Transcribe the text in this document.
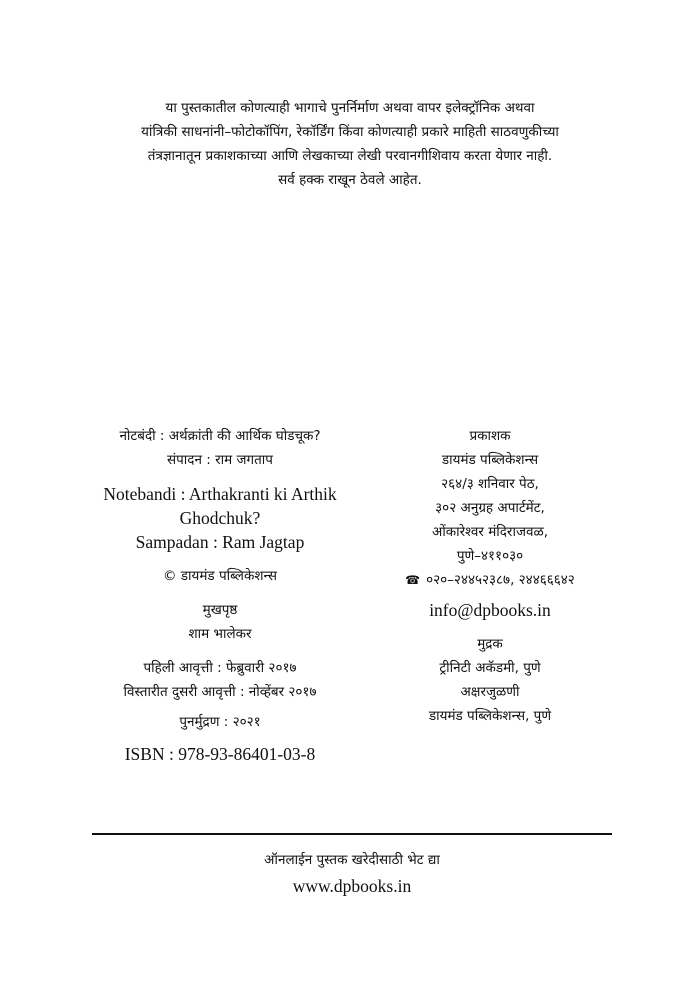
या पुस्तकातील कोणत्याही भागाचे पुनर्निर्माण अथवा वापर इलेक्ट्रॉनिक अथवा
यांत्रिकी साधनांनी–फोटोकॉपिंग, रेकॉर्डिंग किंवा कोणत्याही प्रकारे माहिती साठवणुकीच्या
तंत्रज्ञानातून प्रकाशकाच्या आणि लेखकाच्या लेखी परवानगीशिवाय करता येणार नाही.
सर्व हक्क राखून ठेवले आहेत.
नोटबंदी : अर्थक्रांती की आर्थिक घोडचूक?
संपादन : राम जगताप
Notebandi : Arthakranti ki Arthik
Ghodchuk?
Sampadan : Ram Jagtap
© डायमंड पब्लिकेशन्स
मुखपृष्ठ
शाम भालेकर
पहिली आवृत्ती : फेब्रुवारी २०१७
विस्तारीत दुसरी आवृत्ती : नोव्हेंबर २०१७
पुनर्मुद्रण : २०२१
ISBN : 978-93-86401-03-8
प्रकाशक
डायमंड पब्लिकेशन्स
२६४/३ शनिवार पेठ,
३०२ अनुग्रह अपार्टमेंट,
ओंकारेश्वर मंदिराजवळ,
पुणे–४११०३०
☎ ०२०–२४४५२३८७, २४४६६६४२
info@dpbooks.in
मुद्रक
ट्रीनिटी अकॅडमी, पुणे
अक्षरजुळणी
डायमंड पब्लिकेशन्स, पुणे
ऑनलाईन पुस्तक खरेदीसाठी भेट द्या
www.dpbooks.in
